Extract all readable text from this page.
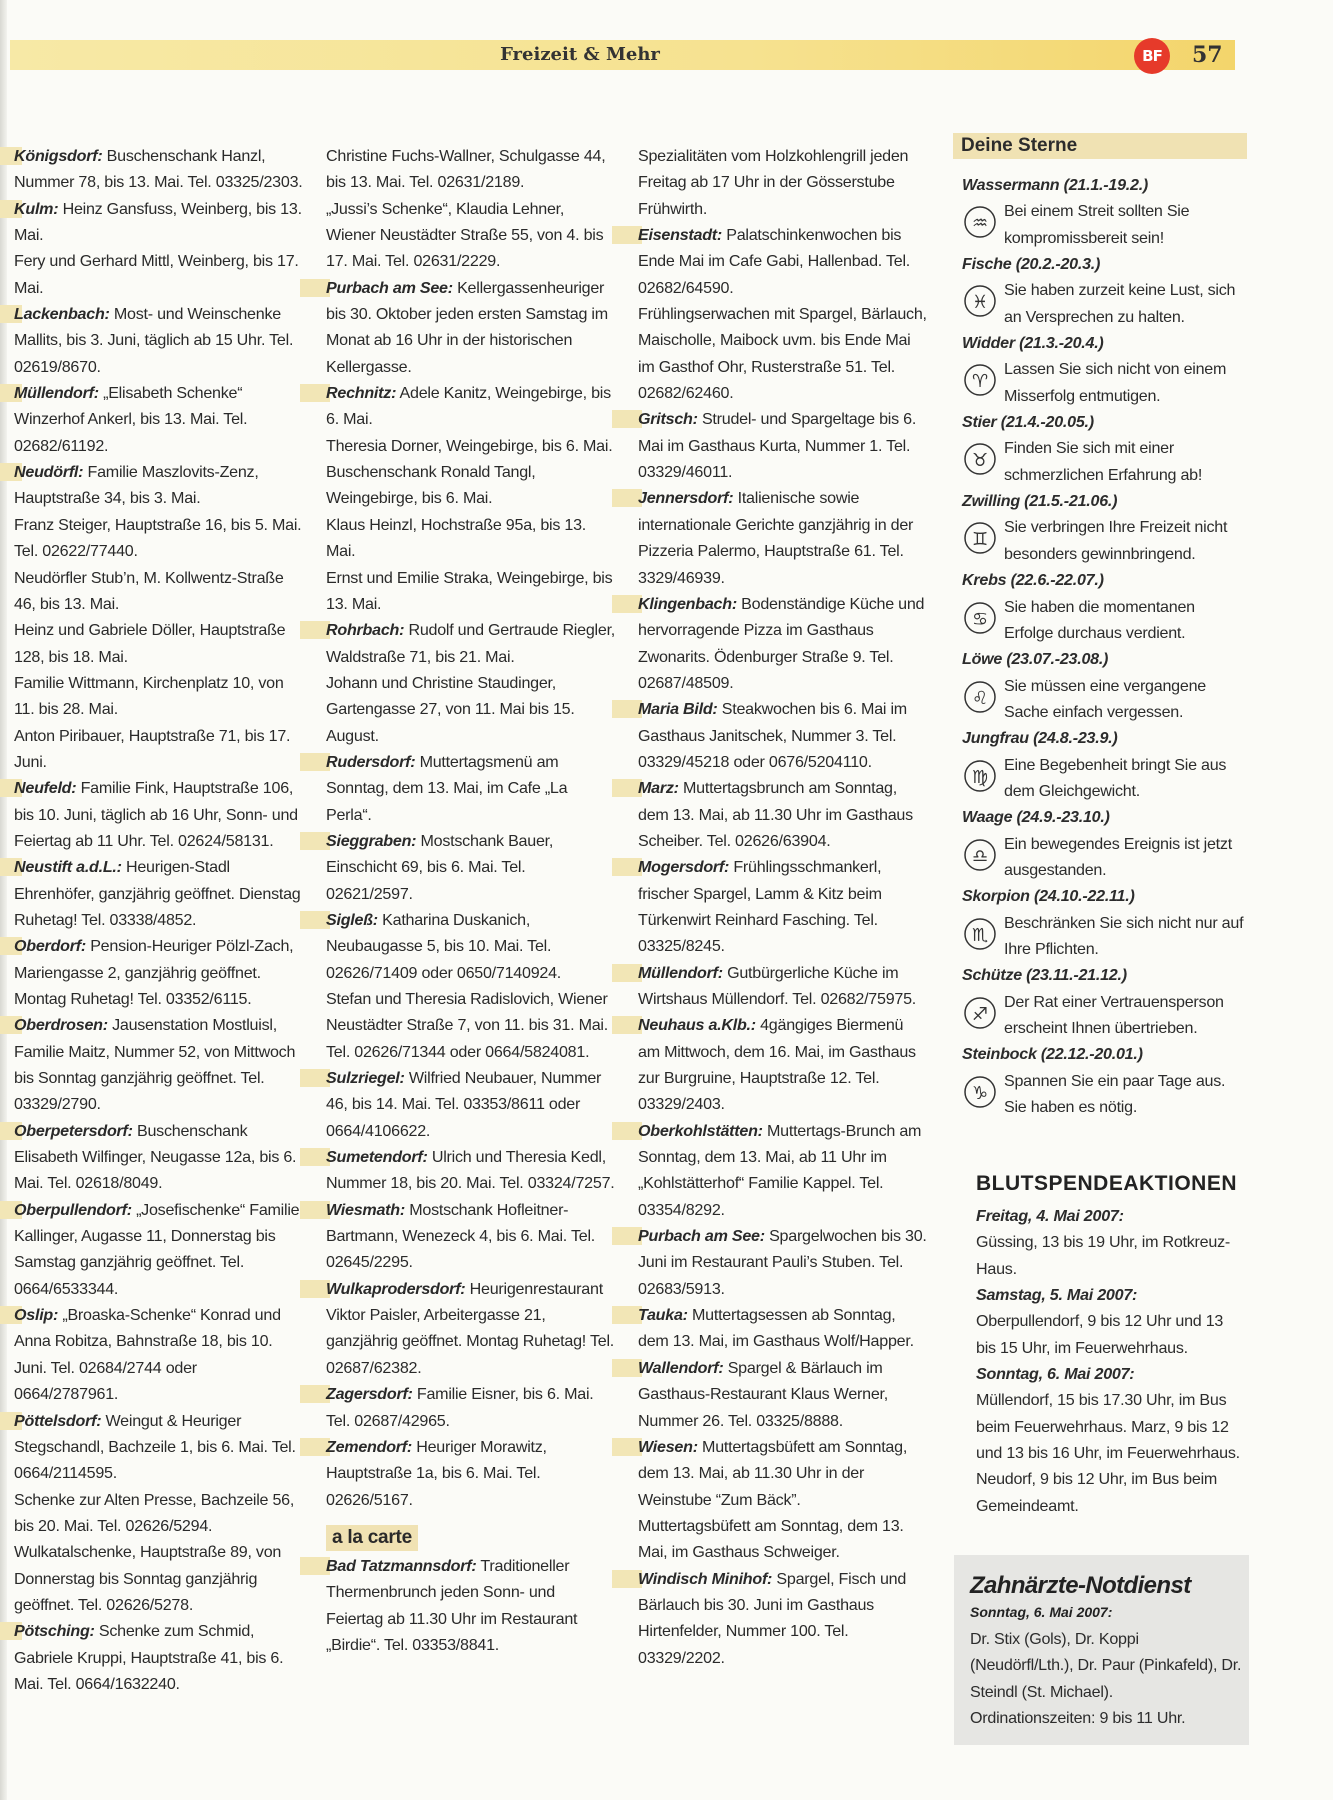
Freizeit & Mehr	BF	57
Königsdorf: Buschenschank Hanzl, Nummer 78, bis 13. Mai. Tel. 03325/2303.
Kulm: Heinz Gansfuss, Weinberg, bis 13. Mai.
Fery und Gerhard Mittl, Weinberg, bis 17. Mai.
Lackenbach: Most- und Weinschenke Mallits, bis 3. Juni, täglich ab 15 Uhr. Tel. 02619/8670.
Müllendorf: „Elisabeth Schenke“ Winzerhof Ankerl, bis 13. Mai. Tel. 02682/61192.
Neudörfl: Familie Maszlovits-Zenz, Hauptstraße 34, bis 3. Mai.
Franz Steiger, Hauptstraße 16, bis 5. Mai. Tel. 02622/77440.
Neudörfler Stub’n, M. Kollwentz-Straße 46, bis 13. Mai.
Heinz und Gabriele Döller, Hauptstraße 128, bis 18. Mai.
Familie Wittmann, Kirchenplatz 10, von 11. bis 28. Mai.
Anton Piribauer, Hauptstraße 71, bis 17. Juni.
Neufeld: Familie Fink, Hauptstraße 106, bis 10. Juni, täglich ab 16 Uhr, Sonn- und Feiertag ab 11 Uhr. Tel. 02624/58131.
Neustift a.d.L.: Heurigen-Stadl Ehrenhöfer, ganzjährig geöffnet. Dienstag Ruhetag! Tel. 03338/4852.
Oberdorf: Pension-Heuriger Pölzl-Zach, Mariengasse 2, ganzjährig geöffnet. Montag Ruhetag! Tel. 03352/6115.
Oberdrosen: Jausenstation Mostluisl, Familie Maitz, Nummer 52, von Mittwoch bis Sonntag ganzjährig geöffnet. Tel. 03329/2790.
Oberpetersdorf: Buschenschank Elisabeth Wilfinger, Neugasse 12a, bis 6. Mai. Tel. 02618/8049.
Oberpullendorf: „Josefischenke“ Familie Kallinger, Augasse 11, Donnerstag bis Samstag ganzjährig geöffnet. Tel. 0664/6533344.
Oslip: „Broaska-Schenke“ Konrad und Anna Robitza, Bahnstraße 18, bis 10. Juni. Tel. 02684/2744 oder 0664/2787961.
Pöttelsdorf: Weingut & Heuriger Stegschandl, Bachzeile 1, bis 6. Mai. Tel. 0664/2114595.
Schenke zur Alten Presse, Bachzeile 56, bis 20. Mai. Tel. 02626/5294.
Wulkatalschenke, Hauptstraße 89, von Donnerstag bis Sonntag ganzjährig geöffnet. Tel. 02626/5278.
Pötsching: Schenke zum Schmid, Gabriele Kruppi, Hauptstraße 41, bis 6. Mai. Tel. 0664/1632240.
Christine Fuchs-Wallner, Schulgasse 44, bis 13. Mai. Tel. 02631/2189.
„Jussi’s Schenke“, Klaudia Lehner, Wiener Neustädter Straße 55, von 4. bis 17. Mai. Tel. 02631/2229.
Purbach am See: Kellergassenheuriger bis 30. Oktober jeden ersten Samstag im Monat ab 16 Uhr in der historischen Kellergasse.
Rechnitz: Adele Kanitz, Weingebirge, bis 6. Mai.
Theresia Dorner, Weingebirge, bis 6. Mai.
Buschenschank Ronald Tangl, Weingebirge, bis 6. Mai.
Klaus Heinzl, Hochstraße 95a, bis 13. Mai.
Ernst und Emilie Straka, Weingebirge, bis 13. Mai.
Rohrbach: Rudolf und Gertraude Riegler, Waldstraße 71, bis 21. Mai.
Johann und Christine Staudinger, Gartengasse 27, von 11. Mai bis 15. August.
Rudersdorf: Muttertagsmenü am Sonntag, dem 13. Mai, im Cafe „La Perla“.
Sieggraben: Mostschank Bauer, Einschicht 69, bis 6. Mai. Tel. 02621/2597.
Sigleß: Katharina Duskanich, Neubaugasse 5, bis 10. Mai. Tel. 02626/71409 oder 0650/7140924.
Stefan und Theresia Radislovich, Wiener Neustädter Straße 7, von 11. bis 31. Mai. Tel. 02626/71344 oder 0664/5824081.
Sulzriegel: Wilfried Neubauer, Nummer 46, bis 14. Mai. Tel. 03353/8611 oder 0664/4106622.
Sumetendorf: Ulrich und Theresia Kedl, Nummer 18, bis 20. Mai. Tel. 03324/7257.
Wiesmath: Mostschank Hofleitner-Bartmann, Wenezeck 4, bis 6. Mai. Tel. 02645/2295.
Wulkaprodersdorf: Heurigenrestaurant Viktor Paisler, Arbeitergasse 21, ganzjährig geöffnet. Montag Ruhetag! Tel. 02687/62382.
Zagersdorf: Familie Eisner, bis 6. Mai. Tel. 02687/42965.
Zemendorf: Heuriger Morawitz, Hauptstraße 1a, bis 6. Mai. Tel. 02626/5167.
a la carte
Bad Tatzmannsdorf: Traditioneller Thermenbrunch jeden Sonn- und Feiertag ab 11.30 Uhr im Restaurant „Birdie“. Tel. 03353/8841.
Spezialitäten vom Holzkohlengrill jeden Freitag ab 17 Uhr in der Gösserstube Frühwirth.
Eisenstadt: Palatschinkenwochen bis Ende Mai im Cafe Gabi, Hallenbad. Tel. 02682/64590.
Frühlingserwachen mit Spargel, Bärlauch, Maischolle, Maibock uvm. bis Ende Mai im Gasthof Ohr, Rusterstraße 51. Tel. 02682/62460.
Gritsch: Strudel- und Spargeltage bis 6. Mai im Gasthaus Kurta, Nummer 1. Tel. 03329/46011.
Jennersdorf: Italienische sowie internationale Gerichte ganzjährig in der Pizzeria Palermo, Hauptstraße 61. Tel. 3329/46939.
Klingenbach: Bodenständige Küche und hervorragende Pizza im Gasthaus Zwonarits. Ödenburger Straße 9. Tel. 02687/48509.
Maria Bild: Steakwochen bis 6. Mai im Gasthaus Janitschek, Nummer 3. Tel. 03329/45218 oder 0676/5204110.
Marz: Muttertagsbrunch am Sonntag, dem 13. Mai, ab 11.30 Uhr im Gasthaus Scheiber. Tel. 02626/63904.
Mogersdorf: Frühlingsschmankerl, frischer Spargel, Lamm & Kitz beim Türkenwirt Reinhard Fasching. Tel. 03325/8245.
Müllendorf: Gutbürgerliche Küche im Wirtshaus Müllendorf. Tel. 02682/75975.
Neuhaus a.Klb.: 4gängiges Biermenü am Mittwoch, dem 16. Mai, im Gasthaus zur Burgruine, Hauptstraße 12. Tel. 03329/2403.
Oberkohlstätten: Muttertags-Brunch am Sonntag, dem 13. Mai, ab 11 Uhr im „Kohlstätterhof“ Familie Kappel. Tel. 03354/8292.
Purbach am See: Spargelwochen bis 30. Juni im Restaurant Pauli’s Stuben. Tel. 02683/5913.
Tauka: Muttertagsessen ab Sonntag, dem 13. Mai, im Gasthaus Wolf/Happer.
Wallendorf: Spargel & Bärlauch im Gasthaus-Restaurant Klaus Werner, Nummer 26. Tel. 03325/8888.
Wiesen: Muttertagsbüfett am Sonntag, dem 13. Mai, ab 11.30 Uhr in der Weinstube “Zum Bäck”.
Muttertagsbüfett am Sonntag, dem 13. Mai, im Gasthaus Schweiger.
Windisch Minihof: Spargel, Fisch und Bärlauch bis 30. Juni im Gasthaus Hirtenfelder, Nummer 100. Tel. 03329/2202.
Deine Sterne
Wassermann (21.1.-19.2.)
♒
Bei einem Streit sollten Sie kompromissbereit sein!
Fische (20.2.-20.3.)
♓
Sie haben zurzeit keine Lust, sich an Versprechen zu halten.
Widder (21.3.-20.4.)
♈
Lassen Sie sich nicht von einem Misserfolg entmutigen.
Stier (21.4.-20.05.)
♉
Finden Sie sich mit einer schmerzlichen Erfahrung ab!
Zwilling (21.5.-21.06.)
♊
Sie verbringen Ihre Freizeit nicht besonders gewinnbringend.
Krebs (22.6.-22.07.)
♋
Sie haben die momentanen Erfolge durchaus verdient.
Löwe (23.07.-23.08.)
♌
Sie müssen eine vergangene Sache einfach vergessen.
Jungfrau (24.8.-23.9.)
♍
Eine Begebenheit bringt Sie aus dem Gleichgewicht.
Waage (24.9.-23.10.)
♎
Ein bewegendes Ereignis ist jetzt ausgestanden.
Skorpion (24.10.-22.11.)
♏
Beschränken Sie sich nicht nur auf Ihre Pflichten.
Schütze (23.11.-21.12.)
♐
Der Rat einer Vertrauensperson erscheint Ihnen übertrieben.
Steinbock (22.12.-20.01.)
♑
Spannen Sie ein paar Tage aus. Sie haben es nötig.
BLUTSPENDEAKTIONEN
Freitag, 4. Mai 2007:
Güssing, 13 bis 19 Uhr, im Rotkreuz-Haus.
Samstag, 5. Mai 2007:
Oberpullendorf, 9 bis 12 Uhr und 13 bis 15 Uhr, im Feuerwehrhaus.
Sonntag, 6. Mai 2007:
Müllendorf, 15 bis 17.30 Uhr, im Bus beim Feuerwehrhaus. Marz, 9 bis 12 und 13 bis 16 Uhr, im Feuerwehrhaus. Neudorf, 9 bis 12 Uhr, im Bus beim Gemeindeamt.
Zahnärzte-Notdienst
Sonntag, 6. Mai 2007:
Dr. Stix (Gols), Dr. Koppi (Neudörfl/Lth.), Dr. Paur (Pinkafeld), Dr. Steindl (St. Michael). Ordinationszeiten: 9 bis 11 Uhr.
